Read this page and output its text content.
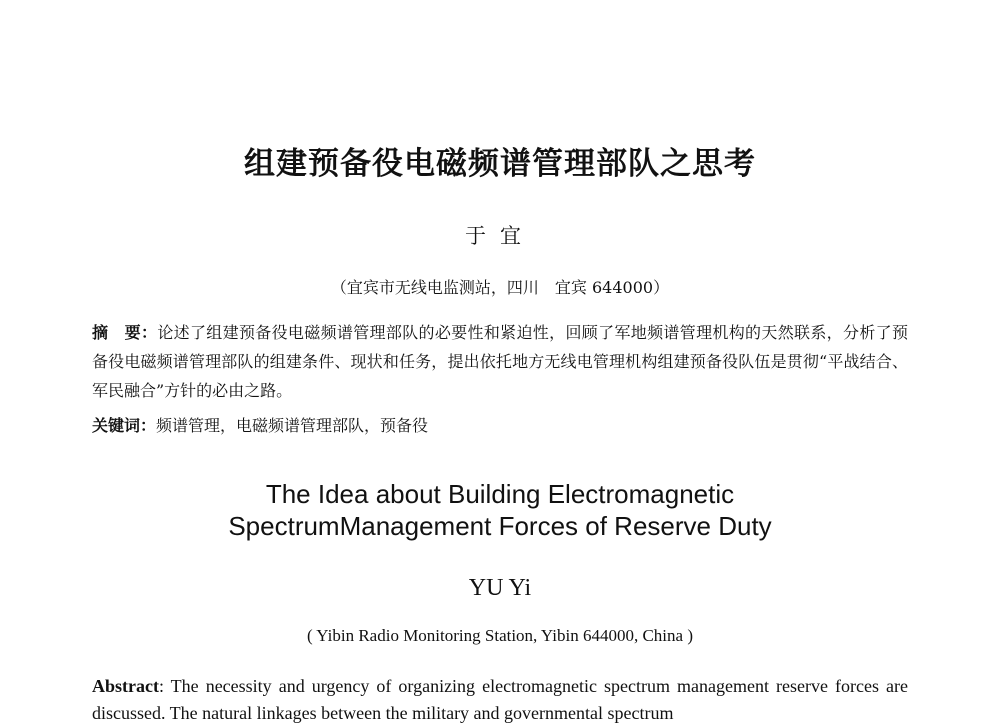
组建预备役电磁频谱管理部队之思考
于宜
（宜宾市无线电监测站，四川　宜宾 644000）
摘　要：论述了组建预备役电磁频谱管理部队的必要性和紧迫性，回顾了军地频谱管理机构的天然联系，分析了预备役电磁频谱管理部队的组建条件、现状和任务，提出依托地方无线电管理机构组建预备役队伍是贯彻“平战结合、军民融合”方针的必由之路。
关键词：频谱管理，电磁频谱管理部队，预备役
The Idea about Building Electromagnetic
SpectrumManagement Forces of Reserve Duty
YU Yi
( Yibin Radio Monitoring Station, Yibin 644000, China )
Abstract: The necessity and urgency of organizing electromagnetic spectrum management reserve forces are discussed. The natural linkages between the military and governmental spectrum
